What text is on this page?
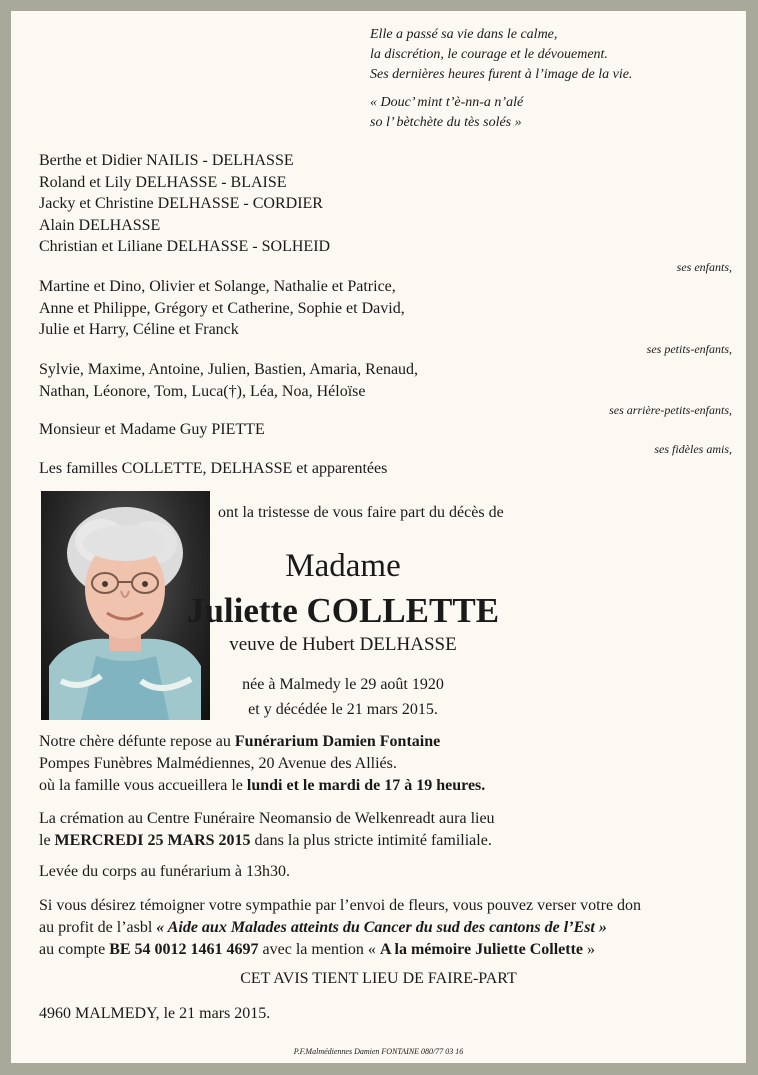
Elle a passé sa vie dans le calme,
la discrétion, le courage et le dévouement.
Ses dernières heures furent à l’image de la vie.
« Douc’ mint t’è-nn-a n’alé
so l’ bètchète du tès solés »
Berthe et Didier NAILIS - DELHASSE
Roland et Lily DELHASSE - BLAISE
Jacky et Christine DELHASSE - CORDIER
Alain DELHASSE
Christian et Liliane DELHASSE - SOLHEID
ses enfants,
Martine et Dino, Olivier et Solange, Nathalie et Patrice,
Anne et Philippe, Grégory et Catherine, Sophie et David,
Julie et Harry, Céline et Franck
ses petits-enfants,
Sylvie, Maxime, Antoine, Julien, Bastien, Amaria, Renaud,
Nathan, Léonore, Tom, Luca(†), Léa, Noa, Héloïse
ses arrière-petits-enfants,
Monsieur et Madame Guy PIETTE
ses fidèles amis,
Les familles COLLETTE, DELHASSE et apparentées
ont la tristesse de vous faire part du décès de
Madame
Juliette COLLETTE
veuve de Hubert DELHASSE
née à Malmedy le 29 août 1920
et y décédée le 21 mars 2015.
Notre chère défunte repose au Funérarium Damien Fontaine
Pompes Funèbres Malmédiennes, 20 Avenue des Alliés.
où la famille vous accueillera le lundi et le mardi de 17 à 19 heures.
La crémation au Centre Funéraire Neomansio de Welkenreadt aura lieu
le MERCREDI 25 MARS 2015 dans la plus stricte intimité familiale.
Levée du corps au funérarium à 13h30.
Si vous désirez témoigner votre sympathie par l’envoi de fleurs, vous pouvez verser votre don
au profit de l’asbl « Aide aux Malades atteints du Cancer du sud des cantons de l’Est »
au compte BE 54 0012 1461 4697 avec la mention « A la mémoire Juliette Collette »
CET AVIS TIENT LIEU DE FAIRE-PART
4960 MALMEDY, le 21 mars 2015.
P.F.Malmédiennes Damien FONTAINE 080/77 03 16
